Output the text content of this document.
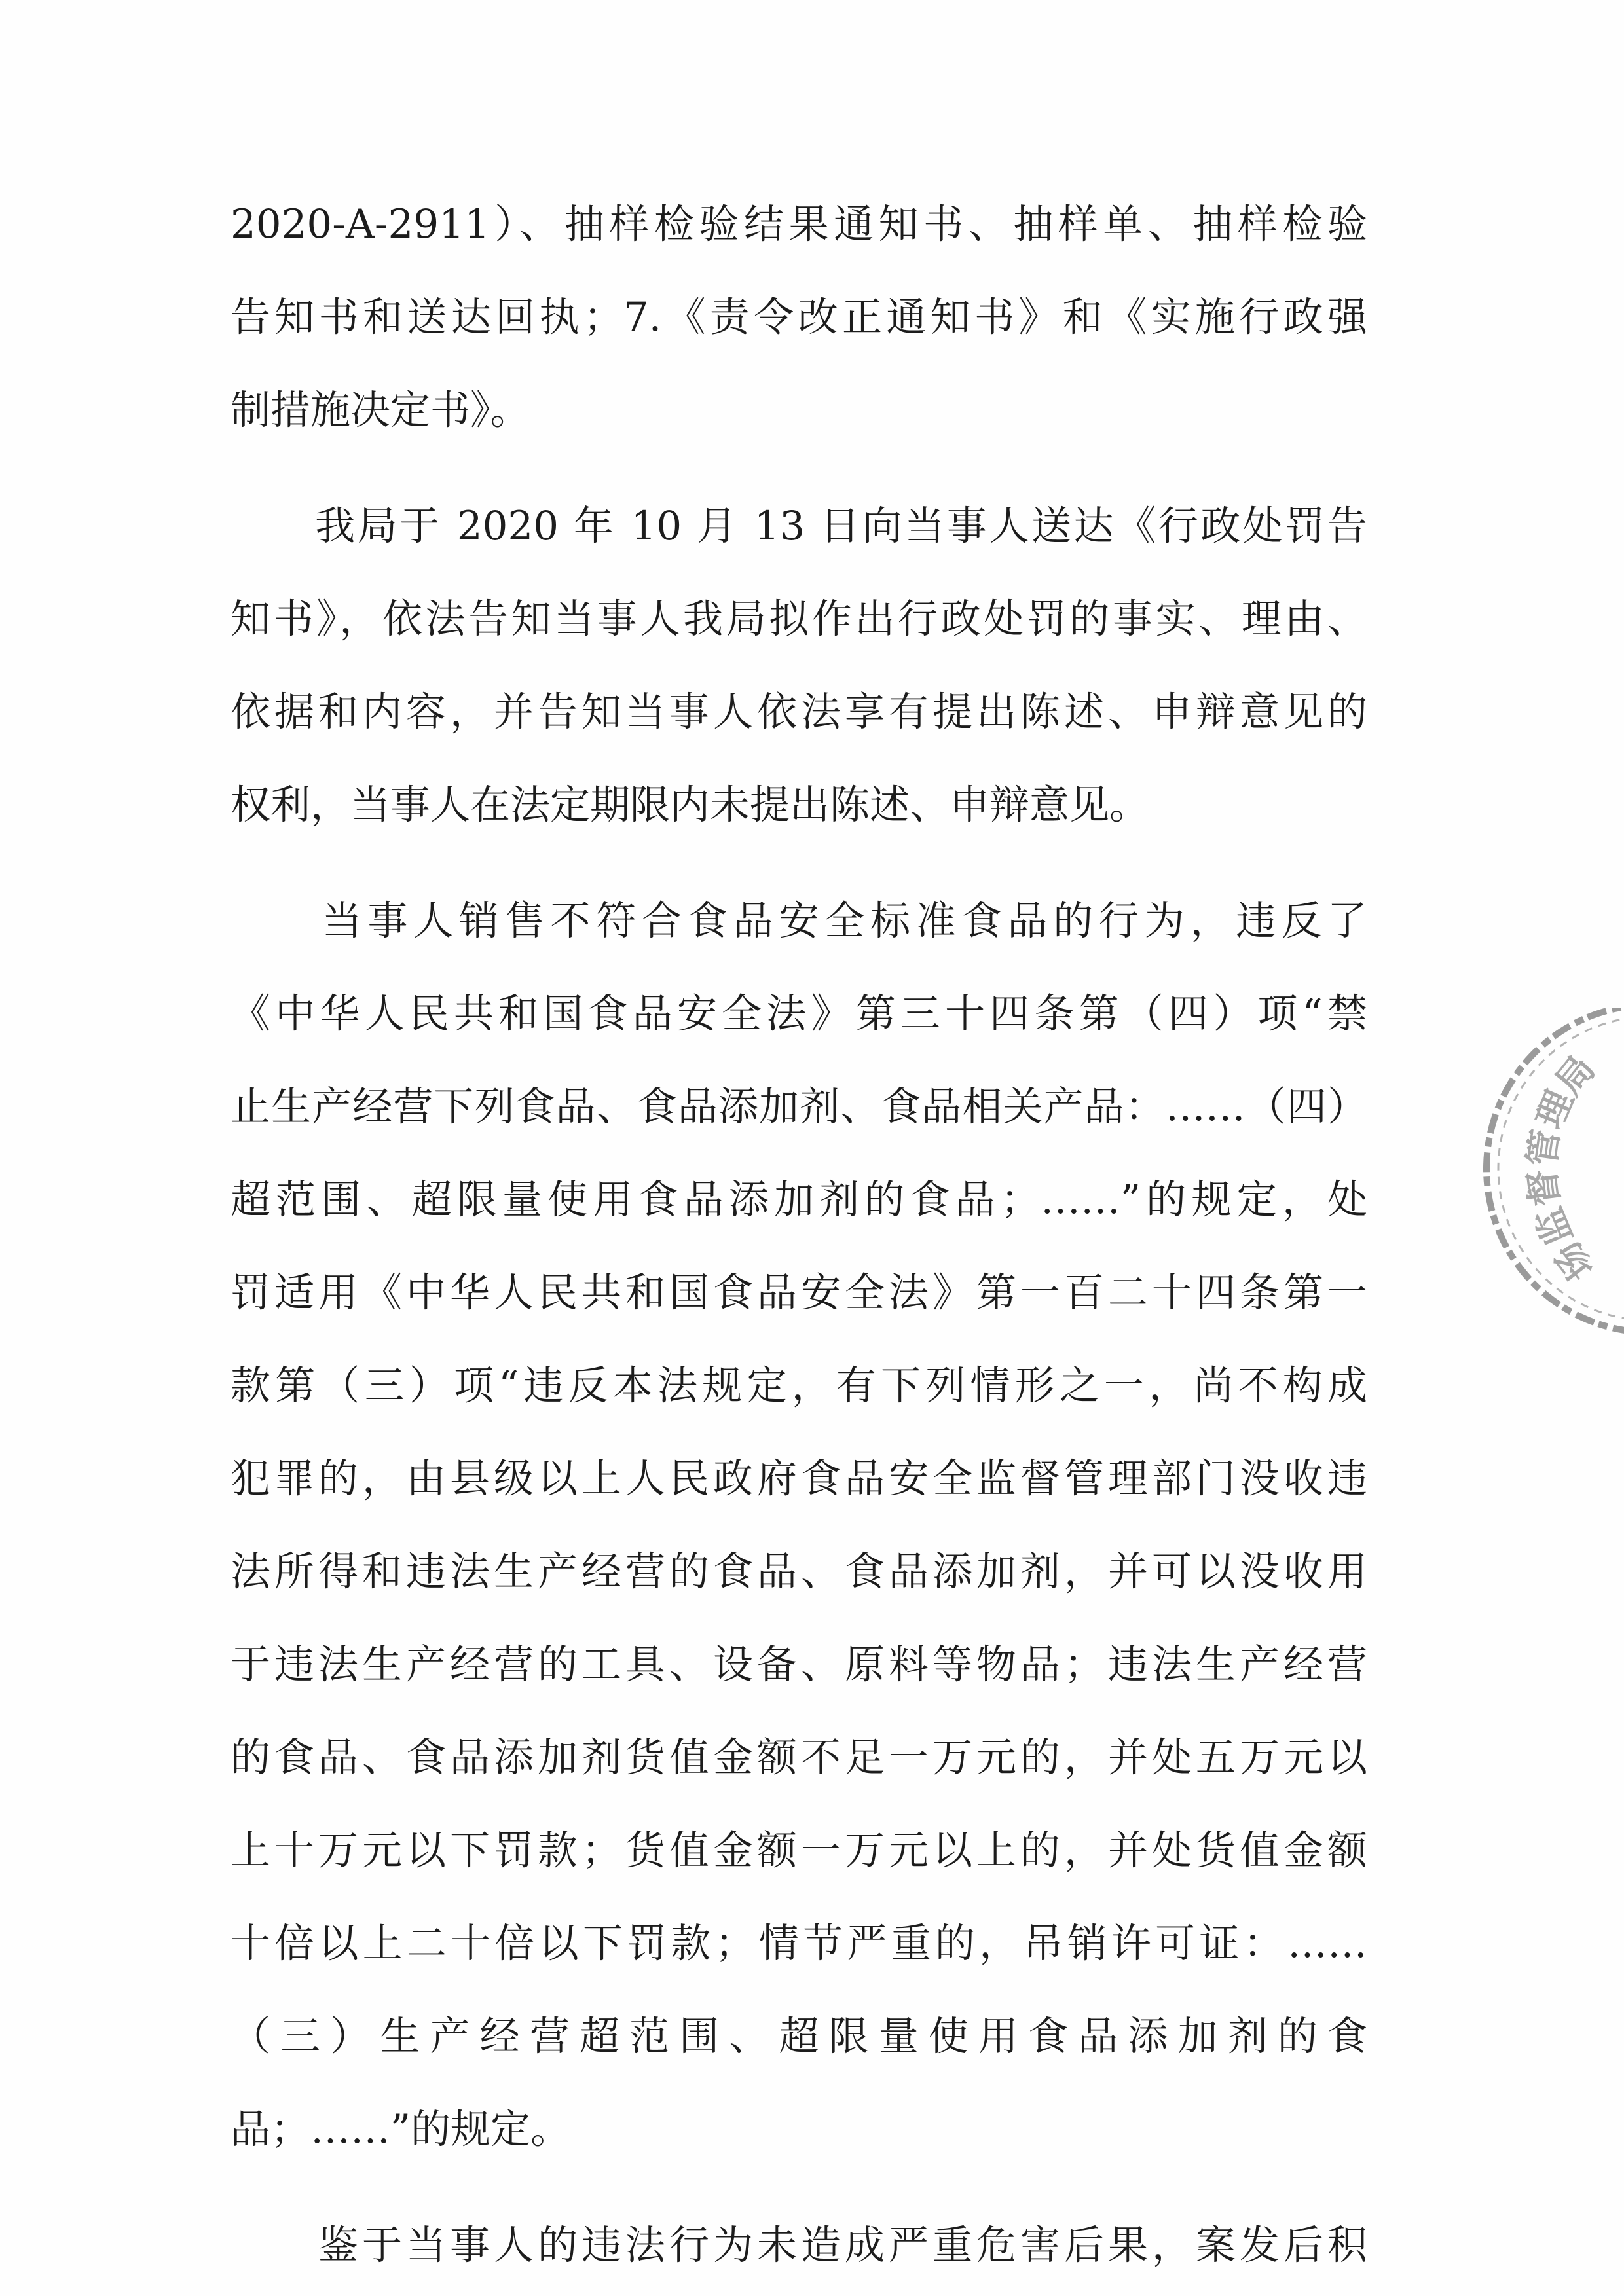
2020-A-2911）、抽样检验结果通知书、抽样单、抽样检验
告知书和送达回执；7.《责令改正通知书》和《实施行政强
制措施决定书》。
　　我局于 2020 年 10 月 13 日向当事人送达《行政处罚告
知书》，依法告知当事人我局拟作出行政处罚的事实、理由、
依据和内容，并告知当事人依法享有提出陈述、申辩意见的
权利，当事人在法定期限内未提出陈述、申辩意见。
　　当事人销售不符合食品安全标准食品的行为，违反了
《中华人民共和国食品安全法》第三十四条第（四）项“禁
止生产经营下列食品、食品添加剂、食品相关产品：……（四）
超范围、超限量使用食品添加剂的食品；……”的规定，处
罚适用《中华人民共和国食品安全法》第一百二十四条第一
款第（三）项“违反本法规定，有下列情形之一，尚不构成
犯罪的，由县级以上人民政府食品安全监督管理部门没收违
法所得和违法生产经营的食品、食品添加剂，并可以没收用
于违法生产经营的工具、设备、原料等物品；违法生产经营
的食品、食品添加剂货值金额不足一万元的，并处五万元以
上十万元以下罚款；货值金额一万元以上的，并处货值金额
十倍以上二十倍以下罚款；情节严重的，吊销许可证：……
（三）生产经营超范围、超限量使用食品添加剂的食
品；……”的规定。
　　鉴于当事人的违法行为未造成严重危害后果，案发后积
场监督管理局
